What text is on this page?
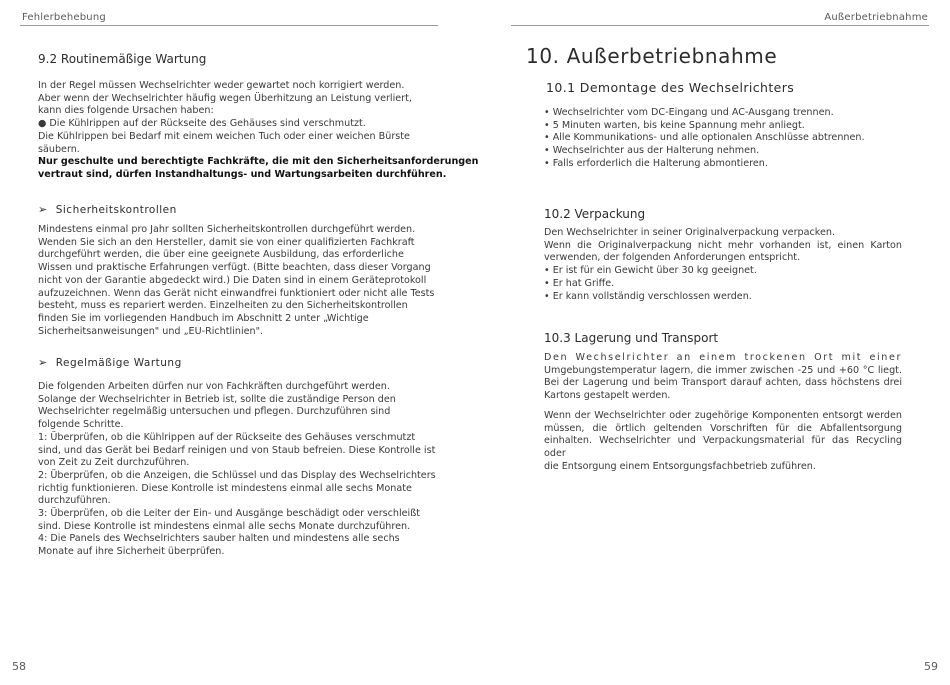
Fehlerbehebung
9.2 Routinemäßige Wartung
In der Regel müssen Wechselrichter weder gewartet noch korrigiert werden.
Aber wenn der Wechselrichter häufig wegen Überhitzung an Leistung verliert,
kann dies folgende Ursachen haben:
● Die Kühlrippen auf der Rückseite des Gehäuses sind verschmutzt.
Die Kühlrippen bei Bedarf mit einem weichen Tuch oder einer weichen Bürste
säubern.
Nur geschulte und berechtigte Fachkräfte, die mit den Sicherheitsanforderungen
vertraut sind, dürfen Instandhaltungs- und Wartungsarbeiten durchführen.
➢ Sicherheitskontrollen
Mindestens einmal pro Jahr sollten Sicherheitskontrollen durchgeführt werden.
Wenden Sie sich an den Hersteller, damit sie von einer qualifizierten Fachkraft
durchgeführt werden, die über eine geeignete Ausbildung, das erforderliche
Wissen und praktische Erfahrungen verfügt. (Bitte beachten, dass dieser Vorgang
nicht von der Garantie abgedeckt wird.) Die Daten sind in einem Geräteprotokoll
aufzuzeichnen. Wenn das Gerät nicht einwandfrei funktioniert oder nicht alle Tests
besteht, muss es repariert werden. Einzelheiten zu den Sicherheitskontrollen
finden Sie im vorliegenden Handbuch im Abschnitt 2 unter „Wichtige
Sicherheitsanweisungen" und „EU-Richtlinien".
➢ Regelmäßige Wartung
Die folgenden Arbeiten dürfen nur von Fachkräften durchgeführt werden.
Solange der Wechselrichter in Betrieb ist, sollte die zuständige Person den
Wechselrichter regelmäßig untersuchen und pflegen. Durchzuführen sind
folgende Schritte.
1: Überprüfen, ob die Kühlrippen auf der Rückseite des Gehäuses verschmutzt
sind, und das Gerät bei Bedarf reinigen und von Staub befreien. Diese Kontrolle ist
von Zeit zu Zeit durchzuführen.
2: Überprüfen, ob die Anzeigen, die Schlüssel und das Display des Wechselrichters
richtig funktionieren. Diese Kontrolle ist mindestens einmal alle sechs Monate
durchzuführen.
3: Überprüfen, ob die Leiter der Ein- und Ausgänge beschädigt oder verschleißt
sind. Diese Kontrolle ist mindestens einmal alle sechs Monate durchzuführen.
4: Die Panels des Wechselrichters sauber halten und mindestens alle sechs
Monate auf ihre Sicherheit überprüfen.
58
Außerbetriebnahme
10. Außerbetriebnahme
10.1 Demontage des Wechselrichters
• Wechselrichter vom DC-Eingang und AC-Ausgang trennen.
• 5 Minuten warten, bis keine Spannung mehr anliegt.
• Alle Kommunikations- und alle optionalen Anschlüsse abtrennen.
• Wechselrichter aus der Halterung nehmen.
• Falls erforderlich die Halterung abmontieren.
10.2 Verpackung
Den Wechselrichter in seiner Originalverpackung verpacken.
Wenn die Originalverpackung nicht mehr vorhanden ist, einen Karton
verwenden, der folgenden Anforderungen entspricht.
• Er ist für ein Gewicht über 30 kg geeignet.
• Er hat Griffe.
• Er kann vollständig verschlossen werden.
10.3 Lagerung und Transport
Den Wechselrichter an einem trockenen Ort mit einer
Umgebungstemperatur lagern, die immer zwischen -25 und +60 °C liegt.
Bei der Lagerung und beim Transport darauf achten, dass höchstens drei
Kartons gestapelt werden.
Wenn der Wechselrichter oder zugehörige Komponenten entsorgt werden
müssen, die örtlich geltenden Vorschriften für die Abfallentsorgung
einhalten. Wechselrichter und Verpackungsmaterial für das Recycling oder
die Entsorgung einem Entsorgungsfachbetrieb zuführen.
59
